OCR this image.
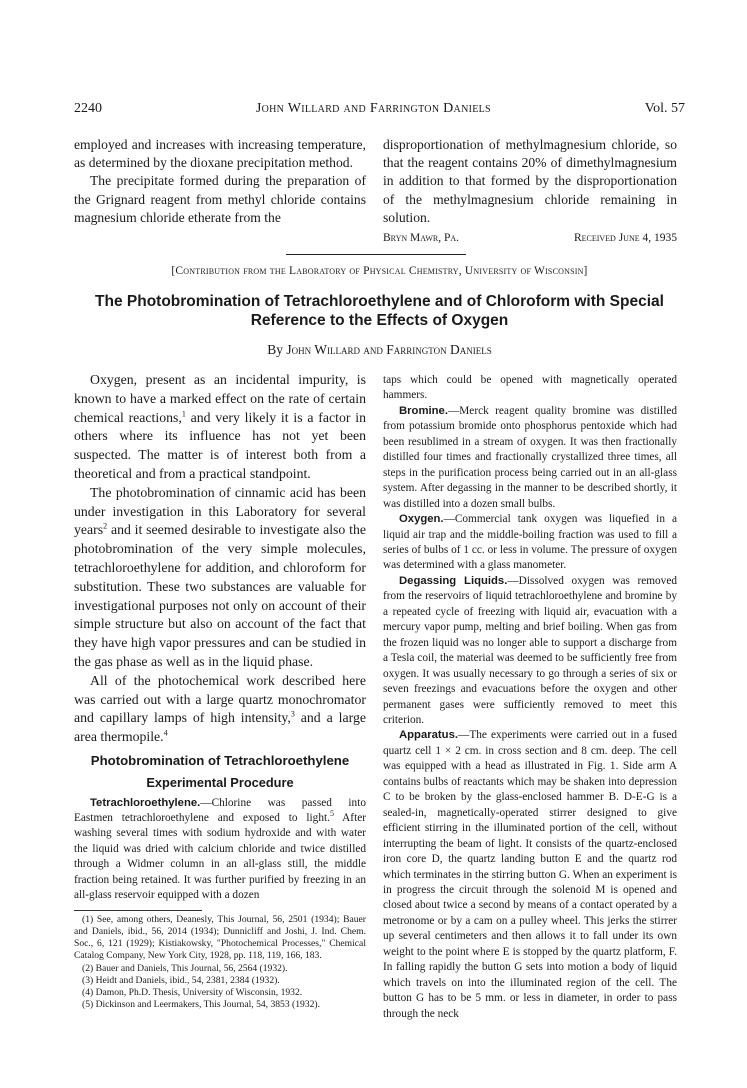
2240	John Willard and Farrington Daniels	Vol. 57

employed and increases with increasing temperature, as determined by the dioxane precipitation method.

The precipitate formed during the preparation of the Grignard reagent from methyl chloride contains magnesium chloride etherate from the

disproportionation of methylmagnesium chloride, so that the reagent contains 20% of dimethylmagnesium in addition to that formed by the disproportionation of the methylmagnesium chloride remaining in solution.

Bryn Mawr, Pa.	Received June 4, 1935
[Contribution from the Laboratory of Physical Chemistry, University of Wisconsin]
The Photobromination of Tetrachloroethylene and of Chloroform with Special Reference to the Effects of Oxygen
By John Willard and Farrington Daniels

Oxygen, present as an incidental impurity, is known to have a marked effect on the rate of certain chemical reactions,$^1$ and very likely it is a factor in others where its influence has not yet been suspected. The matter is of interest both from a theoretical and from a practical standpoint.

The photobromination of cinnamic acid has been under investigation in this Laboratory for several years$^2$ and it seemed desirable to investigate also the photobromination of the very simple molecules, tetrachloroethylene for addition, and chloroform for substitution. These two substances are valuable for investigational purposes not only on account of their simple structure but also on account of the fact that they have high vapor pressures and can be studied in the gas phase as well as in the liquid phase.

All of the photochemical work described here was carried out with a large quartz monochromator and capillary lamps of high intensity,$^3$ and a large area thermopile.$^4$

Photobromination of Tetrachloroethylene
Experimental Procedure

Tetrachloroethylene.—Chlorine was passed into Eastmen tetrachloroethylene and exposed to light.$^5$ After washing several times with sodium hydroxide and with water the liquid was dried with calcium chloride and twice distilled through a Widmer column in an all-glass still, the middle fraction being retained. It was further purified by freezing in an all-glass reservoir equipped with a dozen

(1) See, among others, Deanesly, This Journal, 56, 2501 (1934); Bauer and Daniels, ibid., 56, 2014 (1934); Dunnicliff and Joshi, J. Ind. Chem. Soc., 6, 121 (1929); Kistiakowsky, "Photochemical Processes," Chemical Catalog Company, New York City, 1928, pp. 118, 119, 166, 183.

(2) Bauer and Daniels, This Journal, 56, 2564 (1932).

(3) Heidt and Daniels, ibid., 54, 2381, 2384 (1932).

(4) Damon, Ph.D. Thesis, University of Wisconsin, 1932.

(5) Dickinson and Leermakers, This Journal, 54, 3853 (1932).

taps which could be opened with magnetically operated hammers.

Bromine.—Merck reagent quality bromine was distilled from potassium bromide onto phosphorus pentoxide which had been resublimed in a stream of oxygen. It was then fractionally distilled four times and fractionally crystallized three times, all steps in the purification process being carried out in an all-glass system. After degassing in the manner to be described shortly, it was distilled into a dozen small bulbs.

Oxygen.—Commercial tank oxygen was liquefied in a liquid air trap and the middle-boiling fraction was used to fill a series of bulbs of 1 cc. or less in volume. The pressure of oxygen was determined with a glass manometer.

Degassing Liquids.—Dissolved oxygen was removed from the reservoirs of liquid tetrachloroethylene and bromine by a repeated cycle of freezing with liquid air, evacuation with a mercury vapor pump, melting and brief boiling. When gas from the frozen liquid was no longer able to support a discharge from a Tesla coil, the material was deemed to be sufficiently free from oxygen. It was usually necessary to go through a series of six or seven freezings and evacuations before the oxygen and other permanent gases were sufficiently removed to meet this criterion.

Apparatus.—The experiments were carried out in a fused quartz cell 1 × 2 cm. in cross section and 8 cm. deep. The cell was equipped with a head as illustrated in Fig. 1. Side arm A contains bulbs of reactants which may be shaken into depression C to be broken by the glass-enclosed hammer B. D-E-G is a sealed-in, magnetically-operated stirrer designed to give efficient stirring in the illuminated portion of the cell, without interrupting the beam of light. It consists of the quartz-enclosed iron core D, the quartz landing button E and the quartz rod which terminates in the stirring button G. When an experiment is in progress the circuit through the solenoid M is opened and closed about twice a second by means of a contact operated by a metronome or by a cam on a pulley wheel. This jerks the stirrer up several centimeters and then allows it to fall under its own weight to the point where E is stopped by the quartz platform, F. In falling rapidly the button G sets into motion a body of liquid which travels on into the illuminated region of the cell. The button G has to be 5 mm. or less in diameter, in order to pass through the neck
